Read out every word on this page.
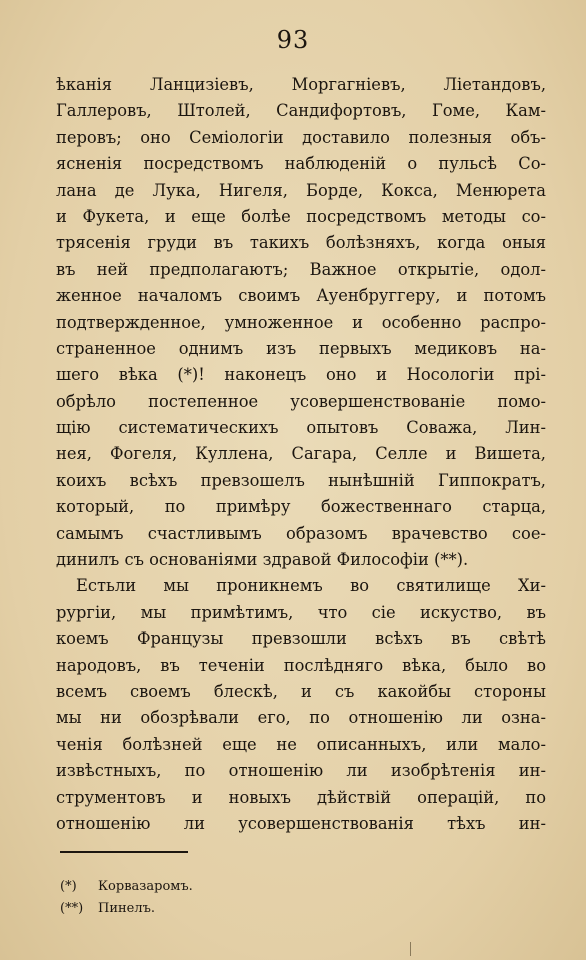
93
ѣканія Ланцизіевъ, Моргагніевъ, Ліетандовъ,
Галлеровъ, Штолей, Сандифортовъ, Гоме, Кам-
перовъ; оно Семіологіи доставило полезныя объ-
ясненія посредствомъ наблюденій о пульсѣ Со-
лана де Лука, Нигеля, Борде, Кокса, Менюрета
и Фукета, и еще болѣе посредствомъ методы со-
трясенія груди въ такихъ болѣзняхъ, когда оныя
въ ней предполагаютъ; Важное открытіе, одол-
женное началомъ своимъ Ауенбруггеру, и потомъ
подтвержденное, умноженное и особенно распро-
страненное однимъ изъ первыхъ медиковъ на-
шего вѣка (*)! наконецъ оно и Носологіи прі-
обрѣло постепенное усовершенствованіе помо-
щію систематическихъ опытовъ Соважа, Лин-
нея, Фогеля, Куллена, Сагара, Селле и Вишета,
коихъ всѣхъ превзошелъ нынѣшній Гиппократъ,
который, по примѣру божественнаго старца,
самымъ счастливымъ образомъ врачевство сое-
динилъ съ основаніями здравой Философіи (**).
Естьли мы проникнемъ во святилище Хи-
рургіи, мы примѣтимъ, что сіе искуство, въ
коемъ Французы превзошли всѣхъ въ свѣтѣ
народовъ, въ теченіи послѣдняго вѣка, было во
всемъ своемъ блескѣ, и съ какойбы стороны
мы ни обозрѣвали его, по отношенію ли озна-
ченія болѣзней еще не описанныхъ, или мало-
извѣстныхъ, по отношенію ли изобрѣтенія ин-
струментовъ и новыхъ дѣйствій операцій, по
отношенію ли усовершенствованія тѣхъ ин-
(*) Корвазаромъ.
(**) Пинелъ.
